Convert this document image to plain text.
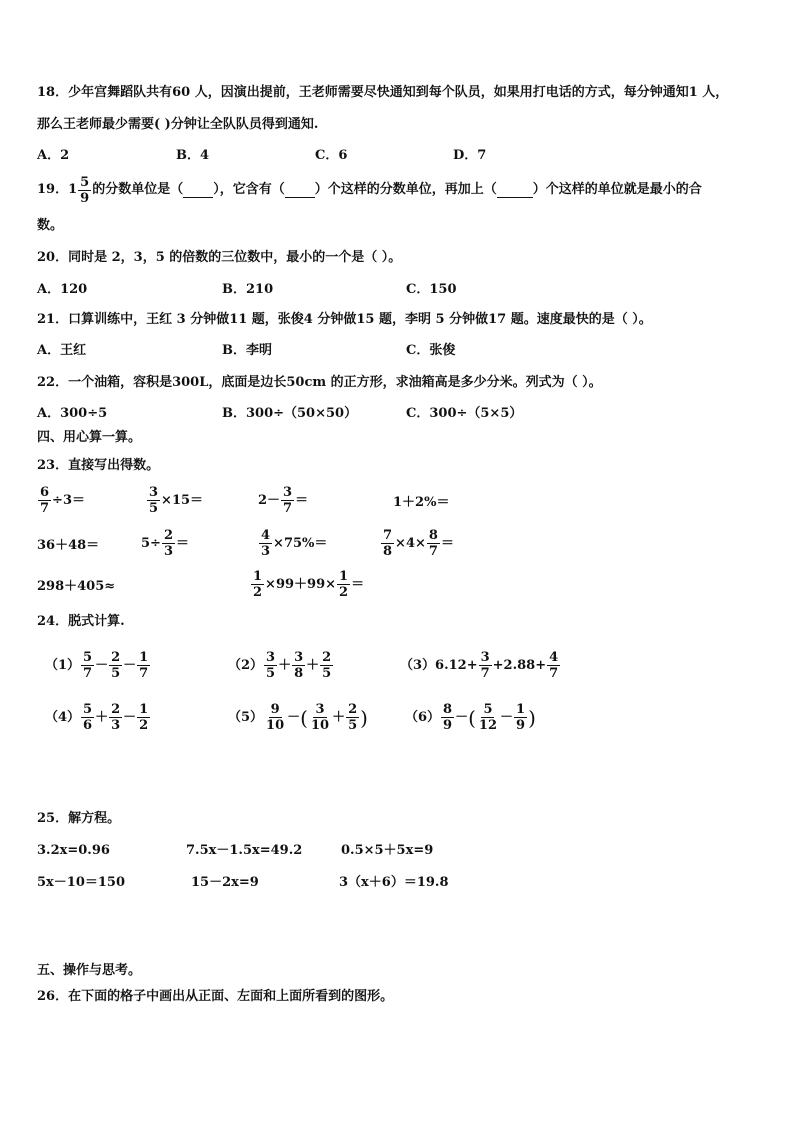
18．少年宫舞蹈队共有60 人，因演出提前，王老师需要尽快通知到每个队员，如果用打电话的方式，每分钟通知1 人，
那么王老师最少需要( )分钟让全队队员得到通知.
A．2	B．4	C．6	D．7
19． $1 \frac{5}{9}$ 的分数单位是（ ），它含有（ ）个这样的分数单位，再加上（	）个这样的单位就是最小的合
数。
20．同时是 2，3，5 的倍数的三位数中，最小的一个是（ ）。
A．120	B．210	C．150
21．口算训练中，王红 3 分钟做11 题，张俊4 分钟做15 题，李明 5 分钟做17 题。速度最快的是（ ）。
A．王红	B．李明	C．张俊
22．一个油箱，容积是300L，底面是边长50cm 的正方形，求油箱高是多少分米。列式为（ ）。
A．300÷5	B．300÷（50×50）	C．300÷（5×5）
四、用心算一算。
23．直接写出得数。
$\frac{6}{7} \div 3=$	$\frac{3}{5} \times 15=$	$2- \frac{3}{7}$ ＝	1＋2%＝
36＋48＝	$5\div \frac{2}{3}$ ＝	$\frac{4}{3} \times 75\%=$	$\frac{7}{8} \times 4\times \frac{8}{7}$ ＝
298＋405≈	$\frac{1}{2} \times 99+99\times \frac{1}{2}$ ＝
24．脱式计算.
$(1) \frac{5}{7} - \frac{2}{5} - \frac{1}{7}$	$(2) \frac{3}{5} + \frac{3}{8} + \frac{2}{5}$	（3） $6.12+ \frac{3}{7} +2.88+ \frac{4}{7}$
$(4) \frac{5}{6} + \frac{2}{3} - \frac{1}{2}$	$(5) \frac{9}{10}$ － ( $\frac{3}{10} + \frac{2}{5}$ )	$(6) \frac{8}{9}$ － ( $\frac{5}{12} - \frac{1}{9}$ )
25．解方程。
3.2x=0.96	7.5x－1.5x=49.2	0.5×5＋5x=9
5x－10＝150	15－2x=9	3（x＋6）＝19.8
五、操作与思考。
26．在下面的格子中画出从正面、左面和上面所看到的图形。
